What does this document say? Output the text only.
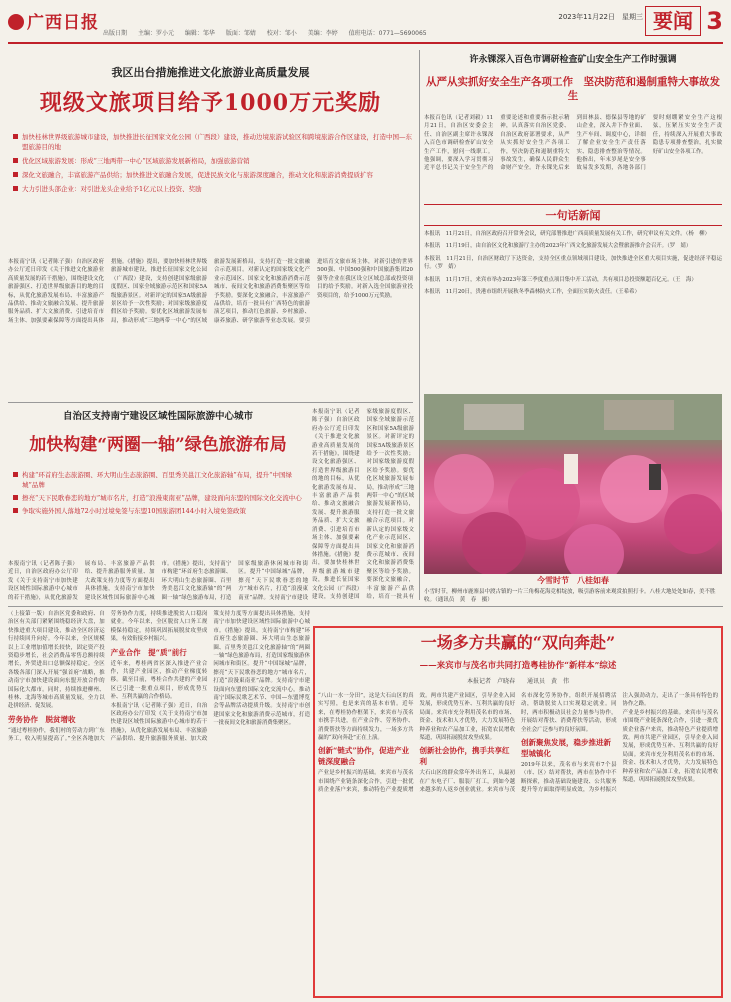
广西日报
出版日期 主编：罗小元 编辑：邹华 版面：邹婧 校对：邹小 美编：李婷 值班电话：0771—5690065
2023年11月22日　星期三 要闻 3
我区出台措施推进文化旅游业高质量发展
现级文旅项目给予1000万元奖励
加快桂林世界级旅游城市建设，加快推进长征国家文化公园（广西段）建设，推动边境旅游试验区和跨境旅游合作区建设，打造中国—东盟旅游目的地
优化区域旅游发展：形成“三地两带一中心”区域旅游发展新格局，加强旅游营销
深化文旅融合，丰富旅游产品供给；加快推进文旅融合发展，促进民族文化与旅游深度融合，推动文化和旅游消费提质扩容
大力引进头部企业：对引进龙头企业给予1亿元以上投资、奖励
本报南宁讯（记者陈子强）自治区政府办公厅近日印发《关于推进文化旅游业高质量发展的若干措施》，围绕建设文化旅游强区、打造世界级旅游目的地的目标，从优化旅游发展布局、丰富旅游产品供给、推动文旅融合发展、提升旅游服务品质、扩大文旅消费、引进培育市场主体、加强要素保障等方面提出具体措施。《措施》提出，要加快桂林世界级旅游城市建设，推进长征国家文化公园（广西段）建设，支持创建国家级旅游度假区、国家全域旅游示范区和国家5A级旅游景区。对新评定的国家5A级旅游景区给予一次性奖励；对国家级旅游度假区给予奖励。要优化区域旅游发展布局，推动形成“三地两带一中心”的区域旅游发展新格局，支持打造一批文旅融合示范项目。对新认定的国家级文化产业示范园区、国家文化和旅游消费示范城市、夜间文化和旅游消费集聚区等给予奖励。要深化文旅融合，丰富旅游产品供给，培育一批具有广西特色的旅游演艺项目，推动红色旅游、乡村旅游、康养旅游、研学旅游等业态发展。要引进培育文旅市场主体，对新引进的世界500强、中国500强和中国旅游集团20强等企业在我区设立区域总部或投资项目的给予奖励。对新入选全国旅游业投资项目的，给予1000万元奖励。
许永锞深入百色市调研检查矿山安全生产工作时强调
从严从实抓好安全生产各项工作　坚决防范和遏制重特大事故发生
本报百色讯（记者刘毅）11月21日，自治区安委会主任、自治区副主席许永锞深入百色市调研检查矿山安全生产工作，慰问一线职工。他强调，要深入学习贯彻习近平总书记关于安全生产的重要论述和重要指示批示精神，认真落实自治区党委、自治区政府部署要求，从严从实抓好安全生产各项工作，坚决防范和遏制重特大事故发生，确保人民群众生命财产安全。许永锞先后来到田林县、德保县等地的矿山企业，深入井下作业面、生产车间、调度中心，详细了解企业安全生产责任落实、隐患排查整治等情况。他指出，年末岁尾是安全事故易发多发期，各地各部门要时刻绷紧安全生产这根弦，压紧压实安全生产责任，持续深入开展重大事故隐患专项排查整治，扎实做好矿山安全各项工作。
一句话新闻
本报讯　11月21日，自治区政府召开常务会议，研究部署推进广西高质量发展有关工作，研究审议有关文件。（杨　柳）
本报讯　11月19日，由自治区文化和旅游厅主办的2023年广西文化旅游发展大会暨旅游推介会召开。（罗　婧）
本报讯　11月21日，自治区财政厅下达资金，支持全区重点领域项目建设，加快推进全区重大项目实施，促进经济平稳运行。（罗　婧）
本报讯　11月17日，来宾市举办2023年第三季度重点项目集中开工活动，共有项目总投资额超百亿元。（王　海）
本报讯　11月20日，贵港市组织开展秋冬季森林防火工作，全面压实防火责任。（王希希）
自治区支持南宁建设区域性国际旅游中心城市
加快构建“两圈一轴”绿色旅游布局
构建“环首府生态旅游圈、环大明山生态旅游圈、百里秀美邕江文化旅游轴”布局，提升“中国绿城”品牌
擦亮“天下民歌眷恋的地方”城市名片，打造“浪漫東南亚”品牌，建设面向东盟的国际文化交流中心
争取实施外国人落地72小时过境免签与东盟10国旅游团144小时入境免签政策
本报南宁讯（记者陈子强）近日，自治区政府办公厅印发《关于支持南宁市加快建设区域性国际旅游中心城市的若干措施》，从优化旅游发展布局、丰富旅游产品供给、提升旅游服务质量、加大政策支持力度等方面提出具体措施，支持南宁市加快建设区域性国际旅游中心城市。《措施》提出，支持南宁市构建“环首府生态旅游圈、环大明山生态旅游圈、百里秀美邕江文化旅游轴”的“两圈一轴”绿色旅游布局，打造国家级旅游休闲城市和街区。提升“中国绿城”品牌，擦亮“天下民歌眷恋的地方”城市名片，打造“浪漫東南亚”品牌。支持南宁市建设
本报南宁讯（记者陈子强）自治区政府办公厅近日印发《关于推进文化旅游业高质量发展的若干措施》，围绕建设文化旅游强区、打造世界级旅游目的地的目标，从优化旅游发展布局、丰富旅游产品供给、推动文旅融合发展、提升旅游服务品质、扩大文旅消费、引进培育市场主体、加强要素保障等方面提出具体措施。《措施》提出，要加快桂林世界级旅游城市建设，推进长征国家文化公园（广西段）建设，支持创建国家级旅游度假区、国家全域旅游示范区和国家5A级旅游景区。对新评定的国家5A级旅游景区给予一次性奖励；对国家级旅游度假区给予奖励。要优化区域旅游发展布局，推动形成“三地两带一中心”的区域旅游发展新格局，支持打造一批文旅融合示范项目。对新认定的国家级文化产业示范园区、国家文化和旅游消费示范城市、夜间文化和旅游消费集聚区等给予奖励。要深化文旅融合，丰富旅游产品供给，培育一批具有
今雪时节　八桂如春
小雪时节，柳州市鹿寨县中渡古镇的一片三角梅花海竞相绽放，吸引游客前来观赏拍照打卡。八桂大地处处如春，美不胜收。（通讯员　黄　春　摄）
（上接第一版）自治区党委和政府、自治区有关部门紧紧围绕稳经济大盘，加快推进重大项目建设，推动全区经济运行持续回升向好。今年以来，全区规模以上工业增加值增长较快，固定资产投资稳步增长，社会消费品零售总额持续增长，外贸进出口总额保持稳定。全区各级各部门深入开展“强首府”战略，推动南宁市加快建设面向东盟开放合作的国际化大都市。同时，持续推进柳州、桂林、北海等城市高质量发展，全力以赴拼经济、促发展。
劳务协作　脱贫增收
“通过粤桂协作，我们村的劳动力到广东务工，收入明显提高了。”全区各地加大劳务协作力度，持续推进脱贫人口稳岗就业。今年以来，全区脱贫人口务工规模保持稳定，持续巩固拓展脱贫攻坚成果，有效衔接乡村振兴。
产业合作　提“质”前行
近年来，粤桂两省区深入推进产业合作，共建产业园区，推动产业梯度转移。截至目前，粤桂合作共建的产业园区已引进一批重点项目，形成优势互补、互利共赢的合作格局。
本报南宁讯（记者陈子强）近日，自治区政府办公厅印发《关于支持南宁市加快建设区域性国际旅游中心城市的若干措施》，从优化旅游发展布局、丰富旅游产品供给、提升旅游服务质量、加大政策支持力度等方面提出具体措施，支持南宁市加快建设区域性国际旅游中心城市。《措施》提出，支持南宁市构建“环首府生态旅游圈、环大明山生态旅游圈、百里秀美邕江文化旅游轴”的“两圈一轴”绿色旅游布局，打造国家级旅游休闲城市和街区。提升“中国绿城”品牌，擦亮“天下民歌眷恋的地方”城市名片，打造“浪漫東南亚”品牌。支持南宁市建设面向东盟的国际文化交流中心，推动南宁国际民歌艺术节、中国—东盟博览会等品牌活动提质升级。支持南宁市创建国家文化和旅游消费示范城市，打造一批夜间文化和旅游消费集聚区。
一场多方共赢的“双向奔赴”
——来宾市与茂名市共同打造粤桂协作“新样本”综述
本报记者　卢晓春　　通讯员　黄　伟
“八山一水一分田”，这是大石山区的真实写照，也是来宾的基本市情。近年来，在粤桂协作框架下，来宾市与茂名市携手共进，在产业合作、劳务协作、消费帮扶等方面持续发力，一场多方共赢的“双向奔赴”正在上演。
创新“链式”协作，促进产业链深度融合
产业是乡村振兴的基础。来宾市与茂名市围绕产业链条深化合作，引进一批优质企业落户来宾，推动特色产业提质增效。两市共建产业园区，引导企业入园发展，形成优势互补、互利共赢的良好局面。来宾市充分利用茂名市的市场、资金、技术和人才优势，大力发展特色种养业和农产品加工业，拓宽农民增收渠道，巩固拓展脱贫攻坚成果。
创新社会协作，携手共享红利
大石山区的群众常年外出务工，从最初在广东电子厂、服装厂打工，到如今越来越多的人返乡创业就业。来宾市与茂名市深化劳务协作，组织开展招聘活动，帮助脱贫人口实现稳定就业。同时，两市积极动员社会力量参与协作，开展结对帮扶、消费帮扶等活动，形成全社会广泛参与的良好氛围。
创新聚焦发展，稳步推进新型城镇化
2019年以来，茂名市与来宾市7个县（市、区）结对帮扶，两市在协作中不断探索，推动基础设施建设、公共服务提升等方面取得明显成效，为乡村振兴注入强劲动力，走出了一条具有特色的协作之路。
产业是乡村振兴的基础。来宾市与茂名市围绕产业链条深化合作，引进一批优质企业落户来宾，推动特色产业提质增效。两市共建产业园区，引导企业入园发展，形成优势互补、互利共赢的良好局面。来宾市充分利用茂名市的市场、资金、技术和人才优势，大力发展特色种养业和农产品加工业，拓宽农民增收渠道，巩固拓展脱贫攻坚成果。
